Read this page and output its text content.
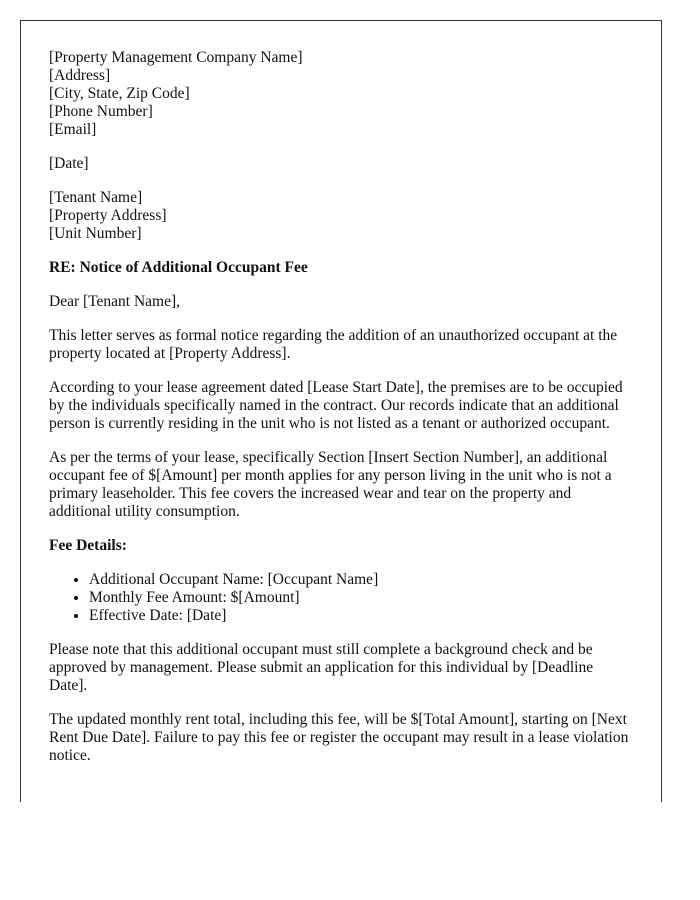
[Property Management Company Name]
[Address]
[City, State, Zip Code]
[Phone Number]
[Email]

[Date]

[Tenant Name]
[Property Address]
[Unit Number]

RE: Notice of Additional Occupant Fee

Dear [Tenant Name],

This letter serves as formal notice regarding the addition of an unauthorized occupant at the property located at [Property Address].

According to your lease agreement dated [Lease Start Date], the premises are to be occupied by the individuals specifically named in the contract. Our records indicate that an additional person is currently residing in the unit who is not listed as a tenant or authorized occupant.

As per the terms of your lease, specifically Section [Insert Section Number], an additional occupant fee of $[Amount] per month applies for any person living in the unit who is not a primary leaseholder. This fee covers the increased wear and tear on the property and additional utility consumption.

Fee Details:

• Additional Occupant Name: [Occupant Name]
• Monthly Fee Amount: $[Amount]
• Effective Date: [Date]

Please note that this additional occupant must still complete a background check and be approved by management. Please submit an application for this individual by [Deadline Date].

The updated monthly rent total, including this fee, will be $[Total Amount], starting on [Next Rent Due Date]. Failure to pay this fee or register the occupant may result in a lease violation notice.
